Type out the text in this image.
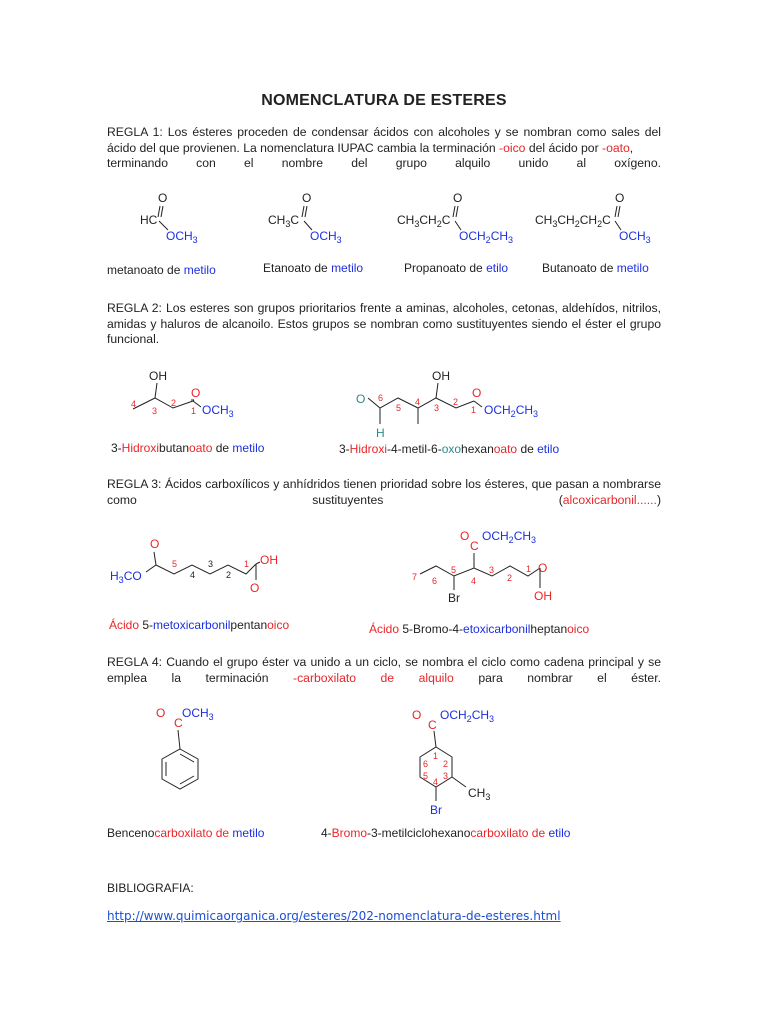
NOMENCLATURA DE ESTERES
REGLA 1: Los ésteres proceden de condensar ácidos con alcoholes y se nombran como sales del ácido del que provienen. La nomenclatura IUPAC cambia la terminación -oico del ácido por -oato,
terminando con el nombre del grupo alquilo unido al oxígeno.
O
HC
$OCH_3$
metanoato de metilo
O
$CH_3C$
$OCH_3$
Etanoato de metilo
O
$CH_3CH_2C$
$OCH_2CH_3$
Propanoato de etilo
O
$CH_3CH_2CH_2C$
$OCH_3$
Butanoato de metilo
REGLA 2: Los esteres son grupos prioritarios frente a aminas, alcoholes, cetonas, aldehídos, nitrilos, amidas y haluros de alcanoilo. Estos grupos se nombran como sustituyentes siendo el éster el grupo funcional.
OH
O
$OCH_3$
4
3
2
1
3-Hidroxibutanoato de metilo
OH
O
O
H
$OCH_2CH_3$
6
5
4
3
2
1
3-Hidroxi-4-metil-6-oxohexanoato de etilo
REGLA 3: Ácidos carboxílicos y anhídridos tienen prioridad sobre los ésteres, que pasan a nombrarse como sustituyentes (alcoxicarbonil......)
O
$H_3CO$
O
OH
5
4
3
2
1
Ácido 5-metoxicarbonilpentanoico
O
C
$OCH_2CH_3$
Br
O
OH
7 6
5
4
3
2
1
Ácido 5-Bromo-4-etoxicarbonilheptanoico
REGLA 4: Cuando el grupo éster va unido a un ciclo, se nombra el ciclo como cadena principal y se emplea la terminación -carboxilato de alquilo para nombrar el éster.
O
C
$OCH_3$
Bencenocarboxilato de metilo
O
C
$OCH_2CH_3$
$CH_3$
Br
1
2
3
4
5
6
4-Bromo-3-metilciclohexanocarboxilato de etilo
BIBLIOGRAFIA:
http://www.quimicaorganica.org/esteres/202-nomenclatura-de-esteres.html
